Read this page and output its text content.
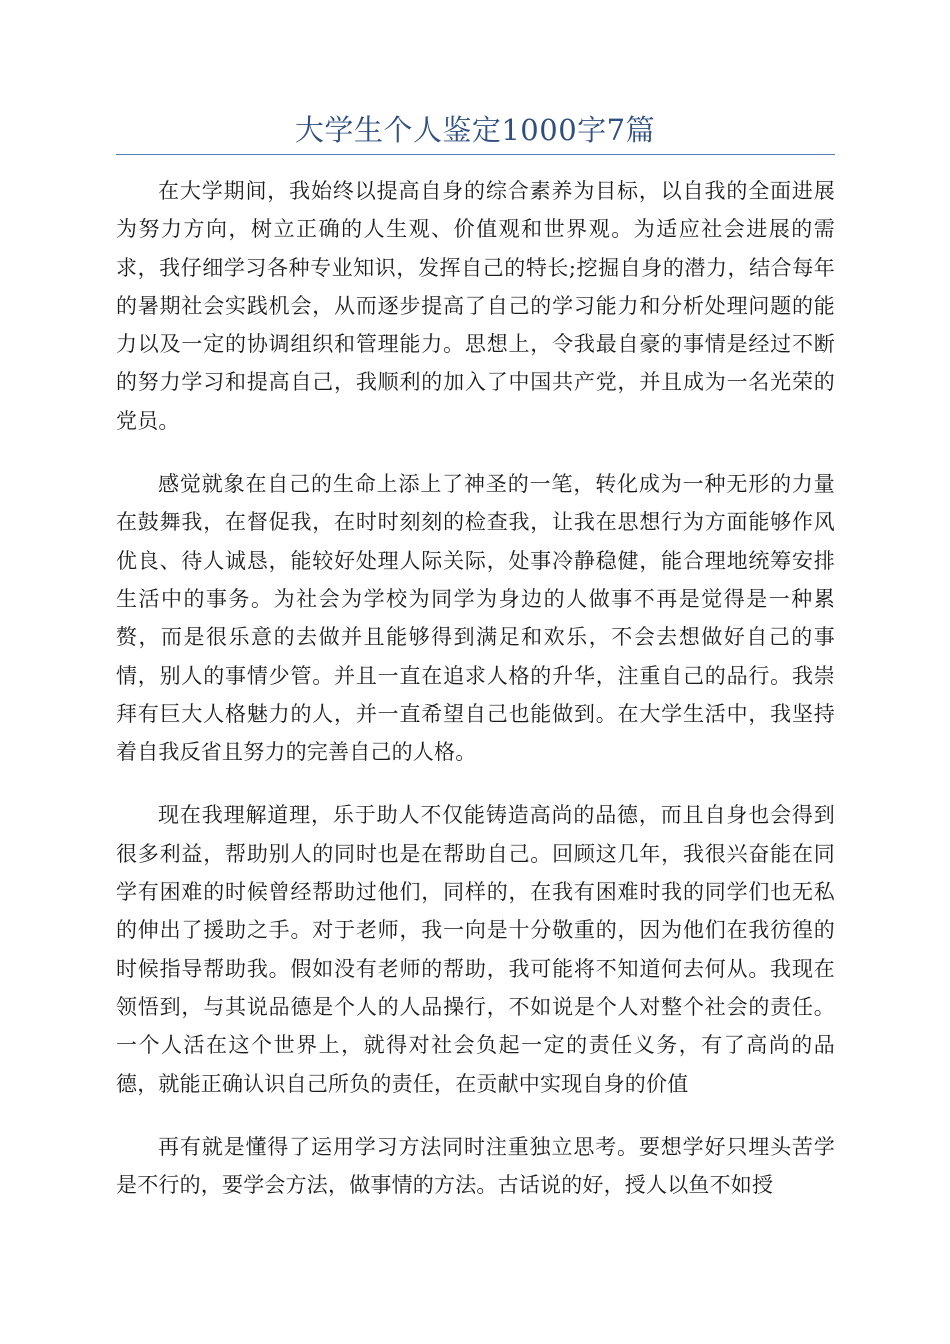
大学生个人鉴定1000字7篇

在大学期间，我始终以提高自身的综合素养为目标，以自我的全面进展为努力方向，树立正确的人生观、价值观和世界观。为适应社会进展的需求，我仔细学习各种专业知识，发挥自己的特长;挖掘自身的潜力，结合每年的暑期社会实践机会，从而逐步提高了自己的学习能力和分析处理问题的能力以及一定的协调组织和管理能力。思想上，令我最自豪的事情是经过不断的努力学习和提高自己，我顺利的加入了中国共产党，并且成为一名光荣的党员。

感觉就象在自己的生命上添上了神圣的一笔，转化成为一种无形的力量在鼓舞我，在督促我，在时时刻刻的检查我，让我在思想行为方面能够作风优良、待人诚恳，能较好处理人际关际，处事冷静稳健，能合理地统筹安排生活中的事务。为社会为学校为同学为身边的人做事不再是觉得是一种累赘，而是很乐意的去做并且能够得到满足和欢乐，不会去想做好自己的事情，别人的事情少管。并且一直在追求人格的升华，注重自己的品行。我崇拜有巨大人格魅力的人，并一直希望自己也能做到。在大学生活中，我坚持着自我反省且努力的完善自己的人格。

现在我理解道理，乐于助人不仅能铸造高尚的品德，而且自身也会得到很多利益，帮助别人的同时也是在帮助自己。回顾这几年，我很兴奋能在同学有困难的时候曾经帮助过他们，同样的，在我有困难时我的同学们也无私的伸出了援助之手。对于老师，我一向是十分敬重的，因为他们在我彷徨的时候指导帮助我。假如没有老师的帮助，我可能将不知道何去何从。我现在领悟到，与其说品德是个人的人品操行，不如说是个人对整个社会的责任。一个人活在这个世界上，就得对社会负起一定的责任义务，有了高尚的品德，就能正确认识自己所负的责任，在贡献中实现自身的价值

再有就是懂得了运用学习方法同时注重独立思考。要想学好只埋头苦学是不行的，要学会方法，做事情的方法。古话说的好，授人以鱼不如授
